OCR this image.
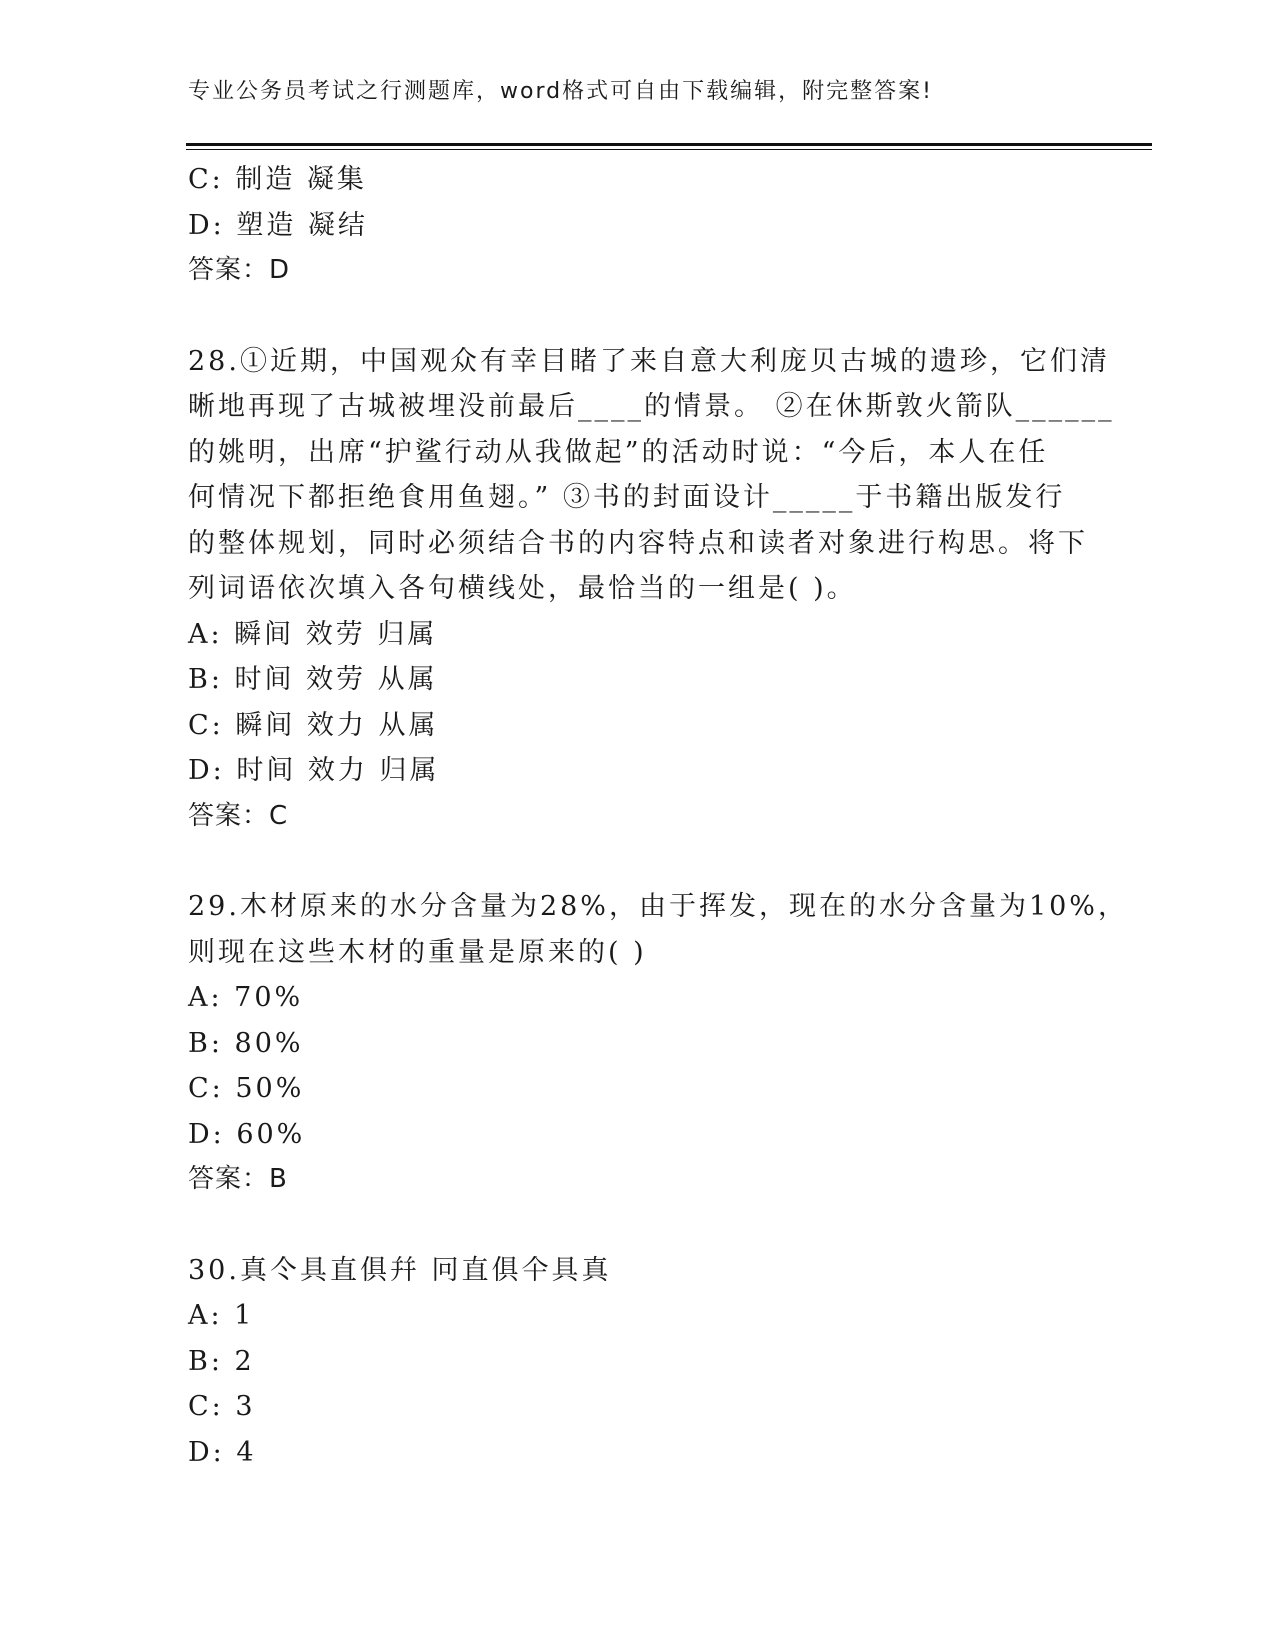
专业公务员考试之行测题库，word格式可自由下载编辑，附完整答案!
C: 制造 凝集
D: 塑造 凝结
答案：D
28.①近期，中国观众有幸目睹了来自意大利庞贝古城的遗珍，它们清
晰地再现了古城被埋没前最后____的情景。 ②在休斯敦火箭队______
的姚明，出席“护鲨行动从我做起”的活动时说：“今后，本人在任
何情况下都拒绝食用鱼翅。” ③书的封面设计_____于书籍出版发行
的整体规划，同时必须结合书的内容特点和读者对象进行构思。将下
列词语依次填入各句横线处，最恰当的一组是( )。
A: 瞬间 效劳 归属
B: 时间 效劳 从属
C: 瞬间 效力 从属
D: 时间 效力 归属
答案：C
29.木材原来的水分含量为28%，由于挥发，现在的水分含量为10%，
则现在这些木材的重量是原来的( )
A: 70%
B: 80%
C: 50%
D: 60%
答案：B
30.真仒具直俱幷 冋直俱仐具真
A: 1
B: 2
C: 3
D: 4
